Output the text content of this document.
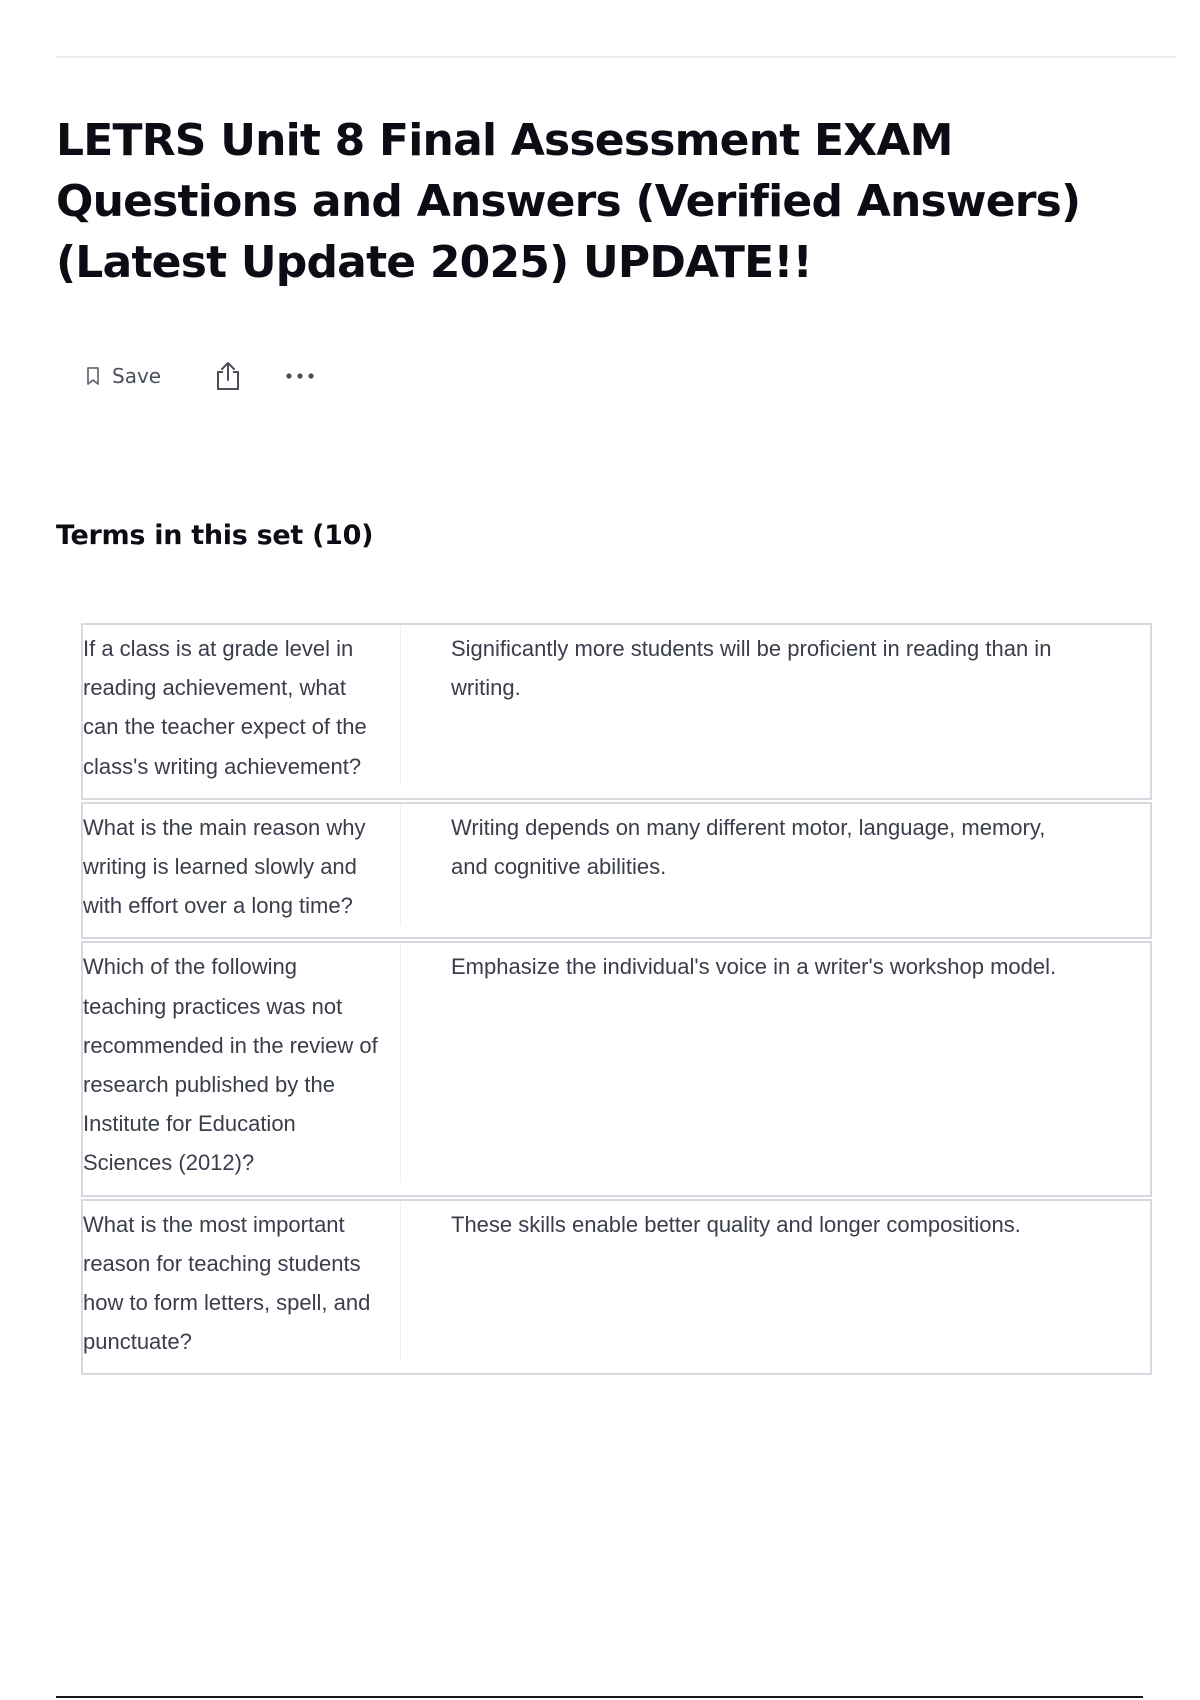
LETRS Unit 8 Final Assessment EXAM Questions and Answers (Verified Answers) (Latest Update 2025) UPDATE!!
Save
Terms in this set (10)
If a class is at grade level in reading achievement, what can the teacher expect of the class's writing achievement?
Significantly more students will be proficient in reading than in writing.
What is the main reason why writing is learned slowly and with effort over a long time?
Writing depends on many different motor, language, memory, and cognitive abilities.
Which of the following teaching practices was not recommended in the review of research published by the Institute for Education Sciences (2012)?
Emphasize the individual's voice in a writer's workshop model.
What is the most important reason for teaching students how to form letters, spell, and punctuate?
These skills enable better quality and longer compositions.
